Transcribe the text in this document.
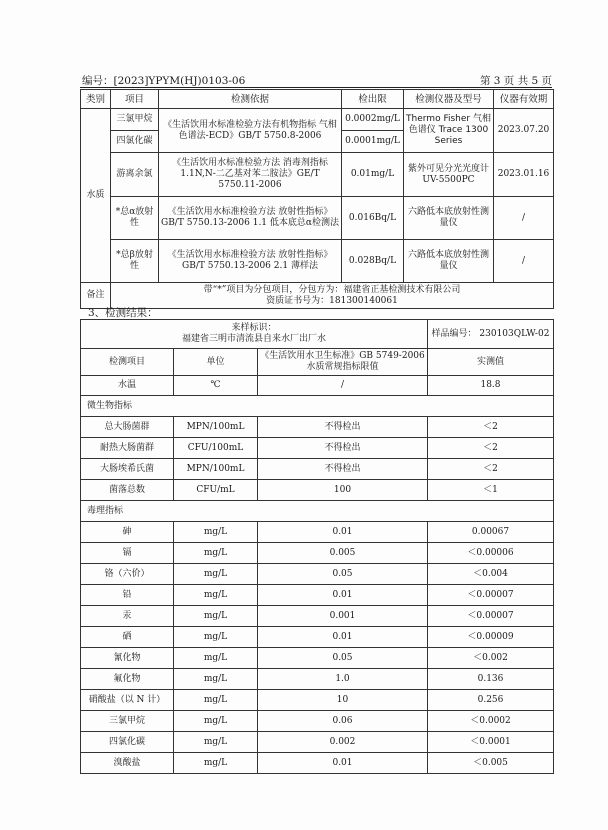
编号：[2023]YPYM(HJ)0103-06	第 3 页 共 5 页
类别	项目	检测依据	检出限	检测仪器及型号	仪器有效期
水质	三氯甲烷	《生活饮用水标准检验方法有机物指标 气相色谱法-ECD》GB/T 5750.8-2006	0.0002mg/L	Thermo Fisher 气相色谱仪 Trace 1300 Series	2023.07.20
	四氯化碳		0.0001mg/L		
	游离余氯	《生活饮用水标准检验方法 消毒剂指标 1.1N,N-二乙基对苯二胺法》GE/T 5750.11-2006	0.01mg/L	紫外可见分光光度计 UV-5500PC	2023.01.16
	*总α放射性	《生活饮用水标准检验方法 放射性指标》GB/T 5750.13-2006 1.1 低本底总α检测法	0.016Bq/L	六路低本底放射性测量仪	/
	*总β放射性	《生活饮用水标准检验方法 放射性指标》GB/T 5750.13-2006 2.1 薄样法	0.028Bq/L	六路低本底放射性测量仪	/
备注	带“*”项目为分包项目，分包方为：福建省正基检测技术有限公司
资质证书号为：181300140061				
3、检测结果：
来样标识：
福建省三明市清流县自来水厂出厂水			样品编号： 230103QLW-02
检测项目	单位	《生活饮用水卫生标准》GB 5749-2006 水质常规指标限值	实测值
水温	℃	/	18.8
微生物指标			
总大肠菌群	MPN/100mL	不得检出	＜2
耐热大肠菌群	CFU/100mL	不得检出	＜2
大肠埃希氏菌	MPN/100mL	不得检出	＜2
菌落总数	CFU/mL	100	＜1
毒理指标			
砷	mg/L	0.01	0.00067
镉	mg/L	0.005	＜0.00006
铬（六价）	mg/L	0.05	＜0.004
铅	mg/L	0.01	＜0.00007
汞	mg/L	0.001	＜0.00007
硒	mg/L	0.01	＜0.00009
氰化物	mg/L	0.05	＜0.002
氟化物	mg/L	1.0	0.136
硝酸盐（以 N 计）	mg/L	10	0.256
三氯甲烷	mg/L	0.06	＜0.0002
四氯化碳	mg/L	0.002	＜0.0001
溴酸盐	mg/L	0.01	＜0.005
